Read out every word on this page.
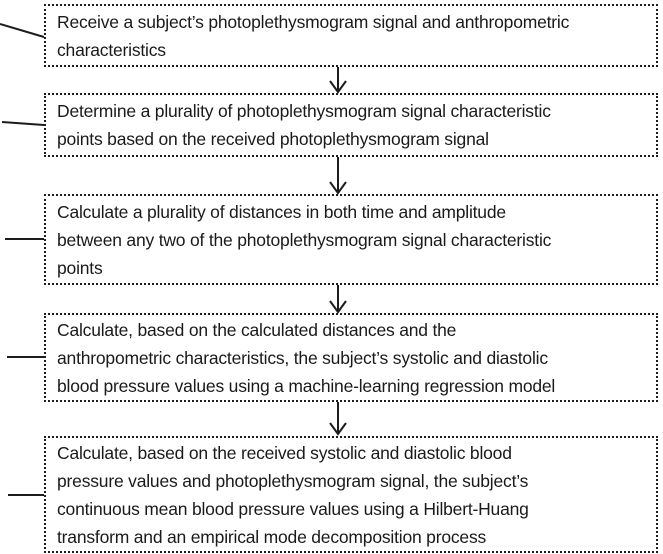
Receive a subject’s photoplethysmogram signal and anthropometric
characteristics
Determine a plurality of photoplethysmogram signal characteristic
points based on the received photoplethysmogram signal
Calculate a plurality of distances in both time and amplitude
between any two of the photoplethysmogram signal characteristic
points
Calculate, based on the calculated distances and the
anthropometric characteristics, the subject’s systolic and diastolic
blood pressure values using a machine-learning regression model
Calculate, based on the received systolic and diastolic blood
pressure values and photoplethysmogram signal, the subject’s
continuous mean blood pressure values using a Hilbert-Huang
transform and an empirical mode decomposition process
